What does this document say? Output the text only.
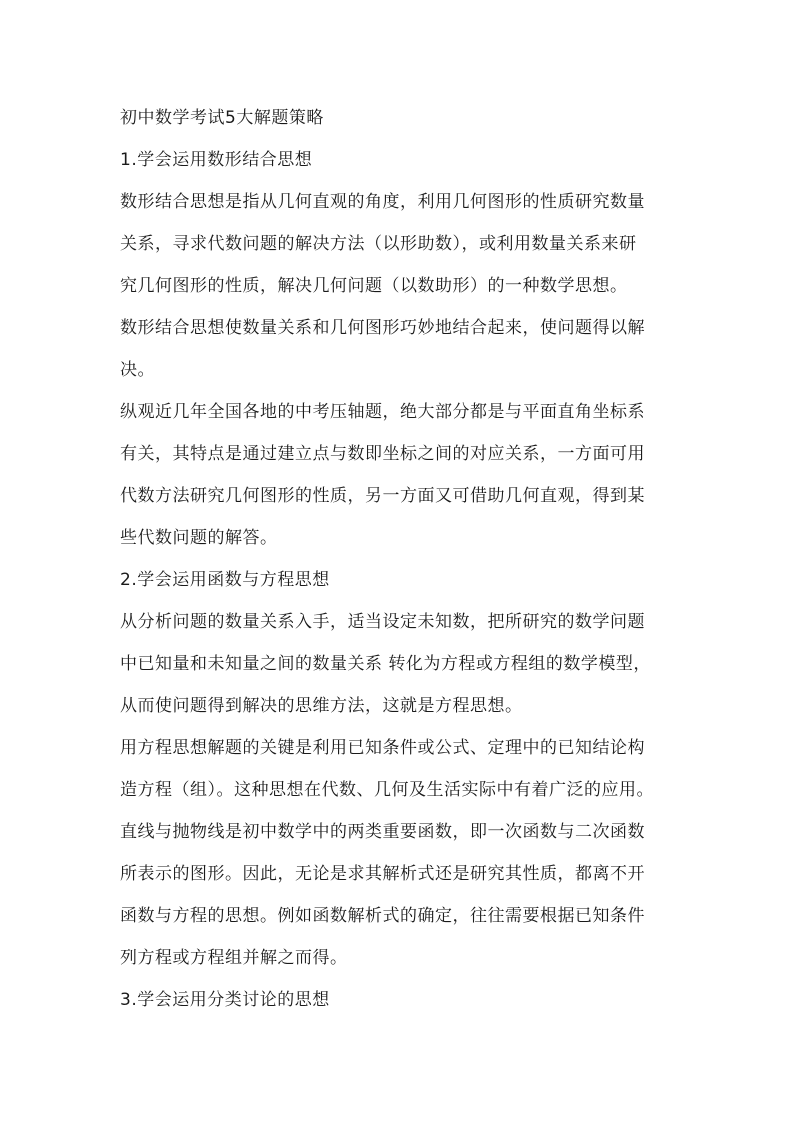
初中数学考试5大解题策略
1.学会运用数形结合思想
数形结合思想是指从几何直观的角度，利用几何图形的性质研究数量
关系，寻求代数问题的解决方法（以形助数），或利用数量关系来研
究几何图形的性质，解决几何问题（以数助形）的一种数学思想。
数形结合思想使数量关系和几何图形巧妙地结合起来，使问题得以解
决。
纵观近几年全国各地的中考压轴题，绝大部分都是与平面直角坐标系
有关，其特点是通过建立点与数即坐标之间的对应关系，一方面可用
代数方法研究几何图形的性质，另一方面又可借助几何直观，得到某
些代数问题的解答。
2.学会运用函数与方程思想
从分析问题的数量关系入手，适当设定未知数，把所研究的数学问题
中已知量和未知量之间的数量关系 转化为方程或方程组的数学模型，
从而使问题得到解决的思维方法，这就是方程思想。
用方程思想解题的关键是利用已知条件或公式、定理中的已知结论构
造方程（组）。这种思想在代数、几何及生活实际中有着广泛的应用。
直线与抛物线是初中数学中的两类重要函数，即一次函数与二次函数
所表示的图形。因此，无论是求其解析式还是研究其性质，都离不开
函数与方程的思想。例如函数解析式的确定，往往需要根据已知条件
列方程或方程组并解之而得。
3.学会运用分类讨论的思想
